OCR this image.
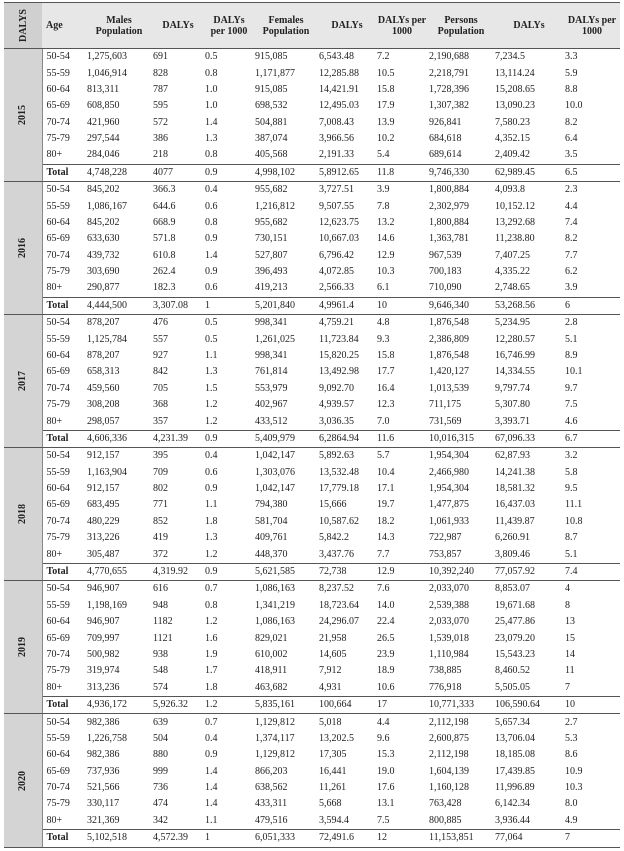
DALYS	Age	Males Population	DALYs	DALYs per 1000	Females Population	DALYs	DALYs per 1000	Persons Population	DALYs	DALYs per 1000
2015	50-54	1,275,603	691	0.5	915,085	6,543.48	7.2	2,190,688	7,234.5	3.3
	55-59	1,046,914	828	0.8	1,171,877	12,285.88	10.5	2,218,791	13,114.24	5.9
	60-64	813,311	787	1.0	915,085	14,421.91	15.8	1,728,396	15,208.65	8.8
	65-69	608,850	595	1.0	698,532	12,495.03	17.9	1,307,382	13,090.23	10.0
	70-74	421,960	572	1.4	504,881	7,008.43	13.9	926,841	7,580.23	8.2
	75-79	297,544	386	1.3	387,074	3,966.56	10.2	684,618	4,352.15	6.4
	80+	284,046	218	0.8	405,568	2,191.33	5.4	689,614	2,409.42	3.5
	Total	4,748,228	4077	0.9	4,998,102	5,8912.65	11.8	9,746,330	62,989.45	6.5
2016	50-54	845,202	366.3	0.4	955,682	3,727.51	3.9	1,800,884	4,093.8	2.3
	55-59	1,086,167	644.6	0.6	1,216,812	9,507.55	7.8	2,302,979	10,152.12	4.4
	60-64	845,202	668.9	0.8	955,682	12,623.75	13.2	1,800,884	13,292.68	7.4
	65-69	633,630	571.8	0.9	730,151	10,667.03	14.6	1,363,781	11,238.80	8.2
	70-74	439,732	610.8	1.4	527,807	6,796.42	12.9	967,539	7,407.25	7.7
	75-79	303,690	262.4	0.9	396,493	4,072.85	10.3	700,183	4,335.22	6.2
	80+	290,877	182.3	0.6	419,213	2,566.33	6.1	710,090	2,748.65	3.9
	Total	4,444,500	3,307.08	1	5,201,840	4,9961.4	10	9,646,340	53,268.56	6
2017	50-54	878,207	476	0.5	998,341	4,759.21	4.8	1,876,548	5,234.95	2.8
	55-59	1,125,784	557	0.5	1,261,025	11,723.84	9.3	2,386,809	12,280.57	5.1
	60-64	878,207	927	1.1	998,341	15,820.25	15.8	1,876,548	16,746.99	8.9
	65-69	658,313	842	1.3	761,814	13,492.98	17.7	1,420,127	14,334.55	10.1
	70-74	459,560	705	1.5	553,979	9,092.70	16.4	1,013,539	9,797.74	9.7
	75-79	308,208	368	1.2	402,967	4,939.57	12.3	711,175	5,307.80	7.5
	80+	298,057	357	1.2	433,512	3,036.35	7.0	731,569	3,393.71	4.6
	Total	4,606,336	4,231.39	0.9	5,409,979	6,2864.94	11.6	10,016,315	67,096.33	6.7
2018	50-54	912,157	395	0.4	1,042,147	5,892.63	5.7	1,954,304	62,87.93	3.2
	55-59	1,163,904	709	0.6	1,303,076	13,532.48	10.4	2,466,980	14,241.38	5.8
	60-64	912,157	802	0.9	1,042,147	17,779.18	17.1	1,954,304	18,581.32	9.5
	65-69	683,495	771	1.1	794,380	15,666	19.7	1,477,875	16,437.03	11.1
	70-74	480,229	852	1.8	581,704	10,587.62	18.2	1,061,933	11,439.87	10.8
	75-79	313,226	419	1.3	409,761	5,842.2	14.3	722,987	6,260.91	8.7
	80+	305,487	372	1.2	448,370	3,437.76	7.7	753,857	3,809.46	5.1
	Total	4,770,655	4,319.92	0.9	5,621,585	72,738	12.9	10,392,240	77,057.92	7.4
2019	50-54	946,907	616	0.7	1,086,163	8,237.52	7.6	2,033,070	8,853.07	4
	55-59	1,198,169	948	0.8	1,341,219	18,723.64	14.0	2,539,388	19,671.68	8
	60-64	946,907	1182	1.2	1,086,163	24,296.07	22.4	2,033,070	25,477.86	13
	65-69	709,997	1121	1.6	829,021	21,958	26.5	1,539,018	23,079.20	15
	70-74	500,982	938	1.9	610,002	14,605	23.9	1,110,984	15,543.23	14
	75-79	319,974	548	1.7	418,911	7,912	18.9	738,885	8,460.52	11
	80+	313,236	574	1.8	463,682	4,931	10.6	776,918	5,505.05	7
	Total	4,936,172	5,926.32	1.2	5,835,161	100,664	17	10,771,333	106,590.64	10
2020	50-54	982,386	639	0.7	1,129,812	5,018	4.4	2,112,198	5,657.34	2.7
	55-59	1,226,758	504	0.4	1,374,117	13,202.5	9.6	2,600,875	13,706.04	5.3
	60-64	982,386	880	0.9	1,129,812	17,305	15.3	2,112,198	18,185.08	8.6
	65-69	737,936	999	1.4	866,203	16,441	19.0	1,604,139	17,439.85	10.9
	70-74	521,566	736	1.4	638,562	11,261	17.6	1,160,128	11,996.89	10.3
	75-79	330,117	474	1.4	433,311	5,668	13.1	763,428	6,142.34	8.0
	80+	321,369	342	1.1	479,516	3,594.4	7.5	800,885	3,936.44	4.9
	Total	5,102,518	4,572.39	1	6,051,333	72,491.6	12	11,153,851	77,064	7
